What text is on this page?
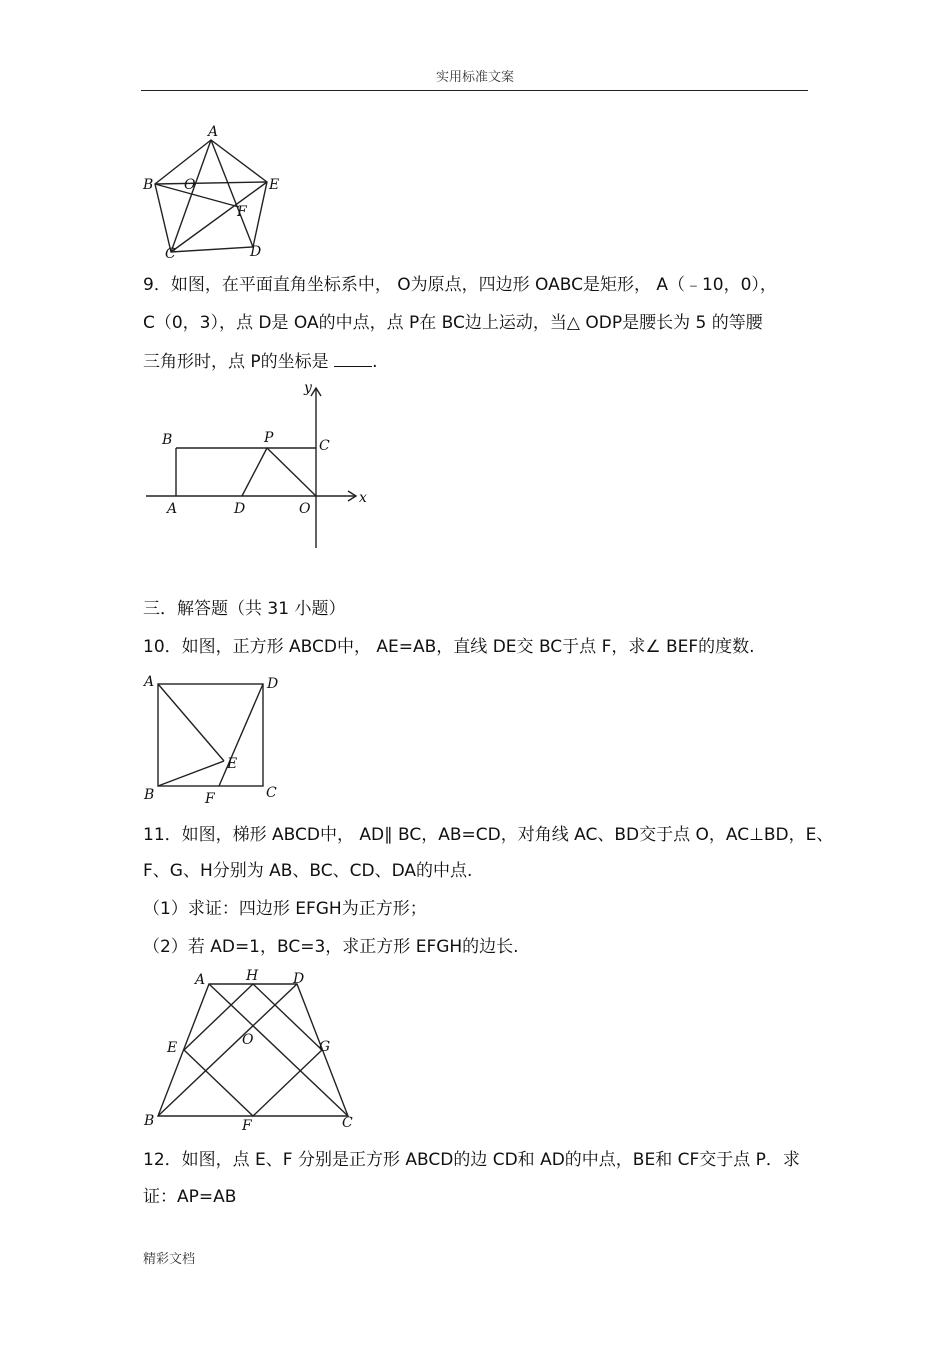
实用标准文案
A
B O	E
F
C	D
9．如图，在平面直角坐标系中， O为原点，四边形 OABC是矩形， A（﹣10，0），
C（0，3），点 D是 OA的中点，点 P在 BC边上运动，当△ ODP是腰长为 5 的等腰
三角形时，点 P的坐标是	.
y
B	P	C
x
A	D	O
三．解答题（共 31 小题）
10．如图，正方形 ABCD中， AE=AB，直线 DE交 BC于点 F，求∠ BEF的度数.
A	D
E
B	F	C
11．如图，梯形 ABCD中， AD∥ BC，AB=CD，对角线 AC、BD交于点 O，AC⊥BD，E、
F、G、H分别为 AB、BC、CD、DA的中点.
（1）求证：四边形 EFGH为正方形；
（2）若 AD=1，BC=3，求正方形 EFGH的边长.
A	H D
E	O	G
B	F	C
12．如图，点 E、F 分别是正方形 ABCD的边 CD和 AD的中点，BE和 CF交于点 P．求
证：AP=AB
精彩文档
